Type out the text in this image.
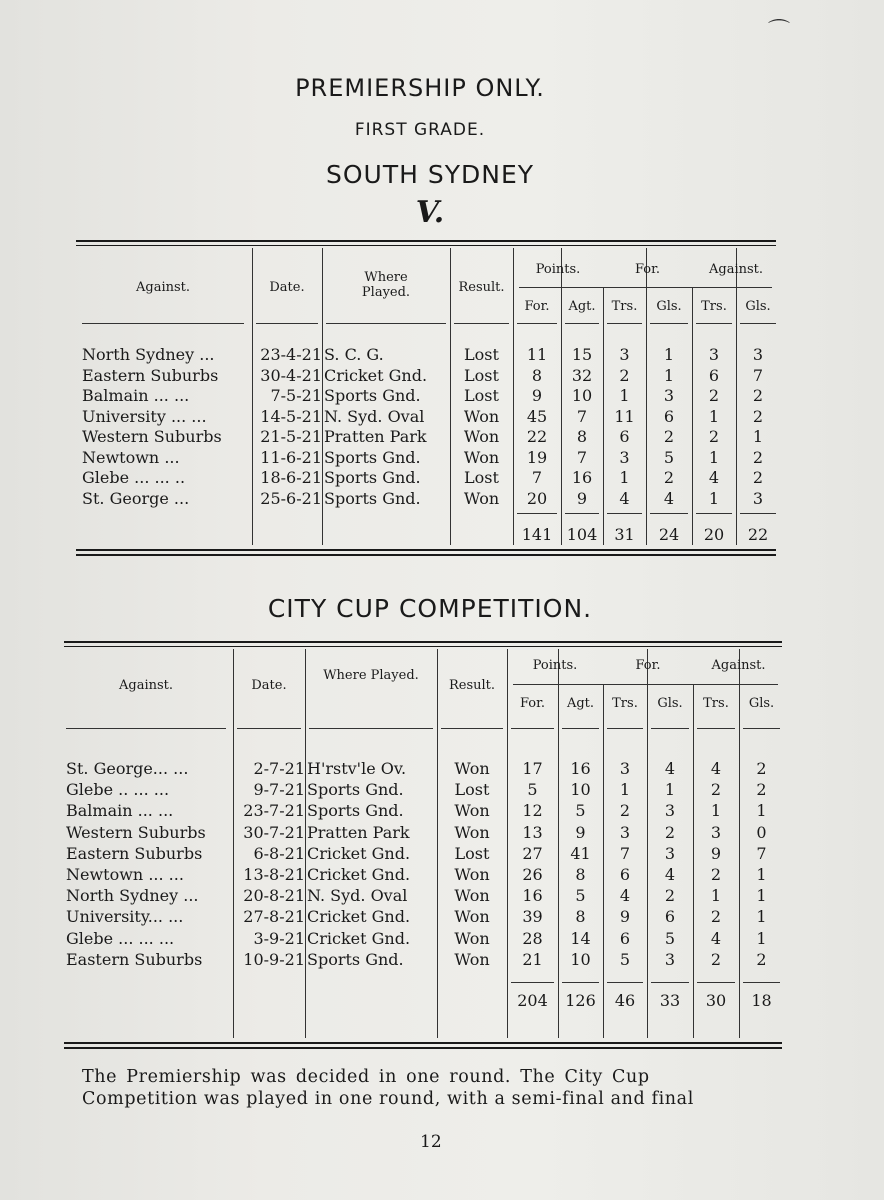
⌒
PREMIERSHIP ONLY.
FIRST GRADE.
SOUTH SYDNEY
V.
Against.	Date.
Where Played.	Result.
Points.	For.	Against.
For.	Agt.	Trs.	Gls.	Trs.	Gls.
North Sydney ...	23-4-21 S. C. G.	Lost	11	15	3	1	3	3
Eastern Suburbs	30-4-21 Cricket Gnd.	Lost	8	32	2	1	6	7
Balmain ... ...	7-5-21 Sports Gnd.	Lost	9	10	1	3	2	2
University ... ...	14-5-21 N. Syd. Oval	Won	45	7	11	6	1	2
Western Suburbs	21-5-21 Pratten Park	Won	22	8	6	2	2	1
Newtown ...	11-6-21 Sports Gnd.	Won	19	7	3	5	1	2
Glebe ... ... ..	18-6-21 Sports Gnd.	Lost	7	16	1	2	4	2
St. George ...	25-6-21 Sports Gnd.	Won	20	9	4	4	1	3
141 104	31	24	20	22
CITY CUP COMPETITION.
Against.	Date.
Where Played.
Result.
Points.	For.	Against.
For.	Agt.	Trs.	Gls.	Trs.	Gls.
St. George... ...	2-7-21 H'rstv'le Ov.	Won	17	16	3	4	4	2
Glebe .. ... ...	9-7-21 Sports Gnd.	Lost	5	10	1	1	2	2
Balmain ... ...	23-7-21 Sports Gnd.	Won	12	5	2	3	1	1
Western Suburbs	30-7-21 Pratten Park	Won	13	9	3	2	3	0
Eastern Suburbs	6-8-21 Cricket Gnd.	Lost	27	41	7	3	9	7
Newtown ... ...	13-8-21 Cricket Gnd.	Won	26	8	6	4	2	1
North Sydney ...	20-8-21 N. Syd. Oval	Won	16	5	4	2	1	1
University... ...	27-8-21 Cricket Gnd.	Won	39	8	9	6	2	1
Glebe ... ... ...	3-9-21 Cricket Gnd.	Won	28	14	6	5	4	1
Eastern Suburbs	10-9-21 Sports Gnd.	Won	21	10	5	3	2	2
204	126	46	33	30	18
The Premiership was decided in one round. The City Cup
Competition was played in one round, with a semi-final and final
12
